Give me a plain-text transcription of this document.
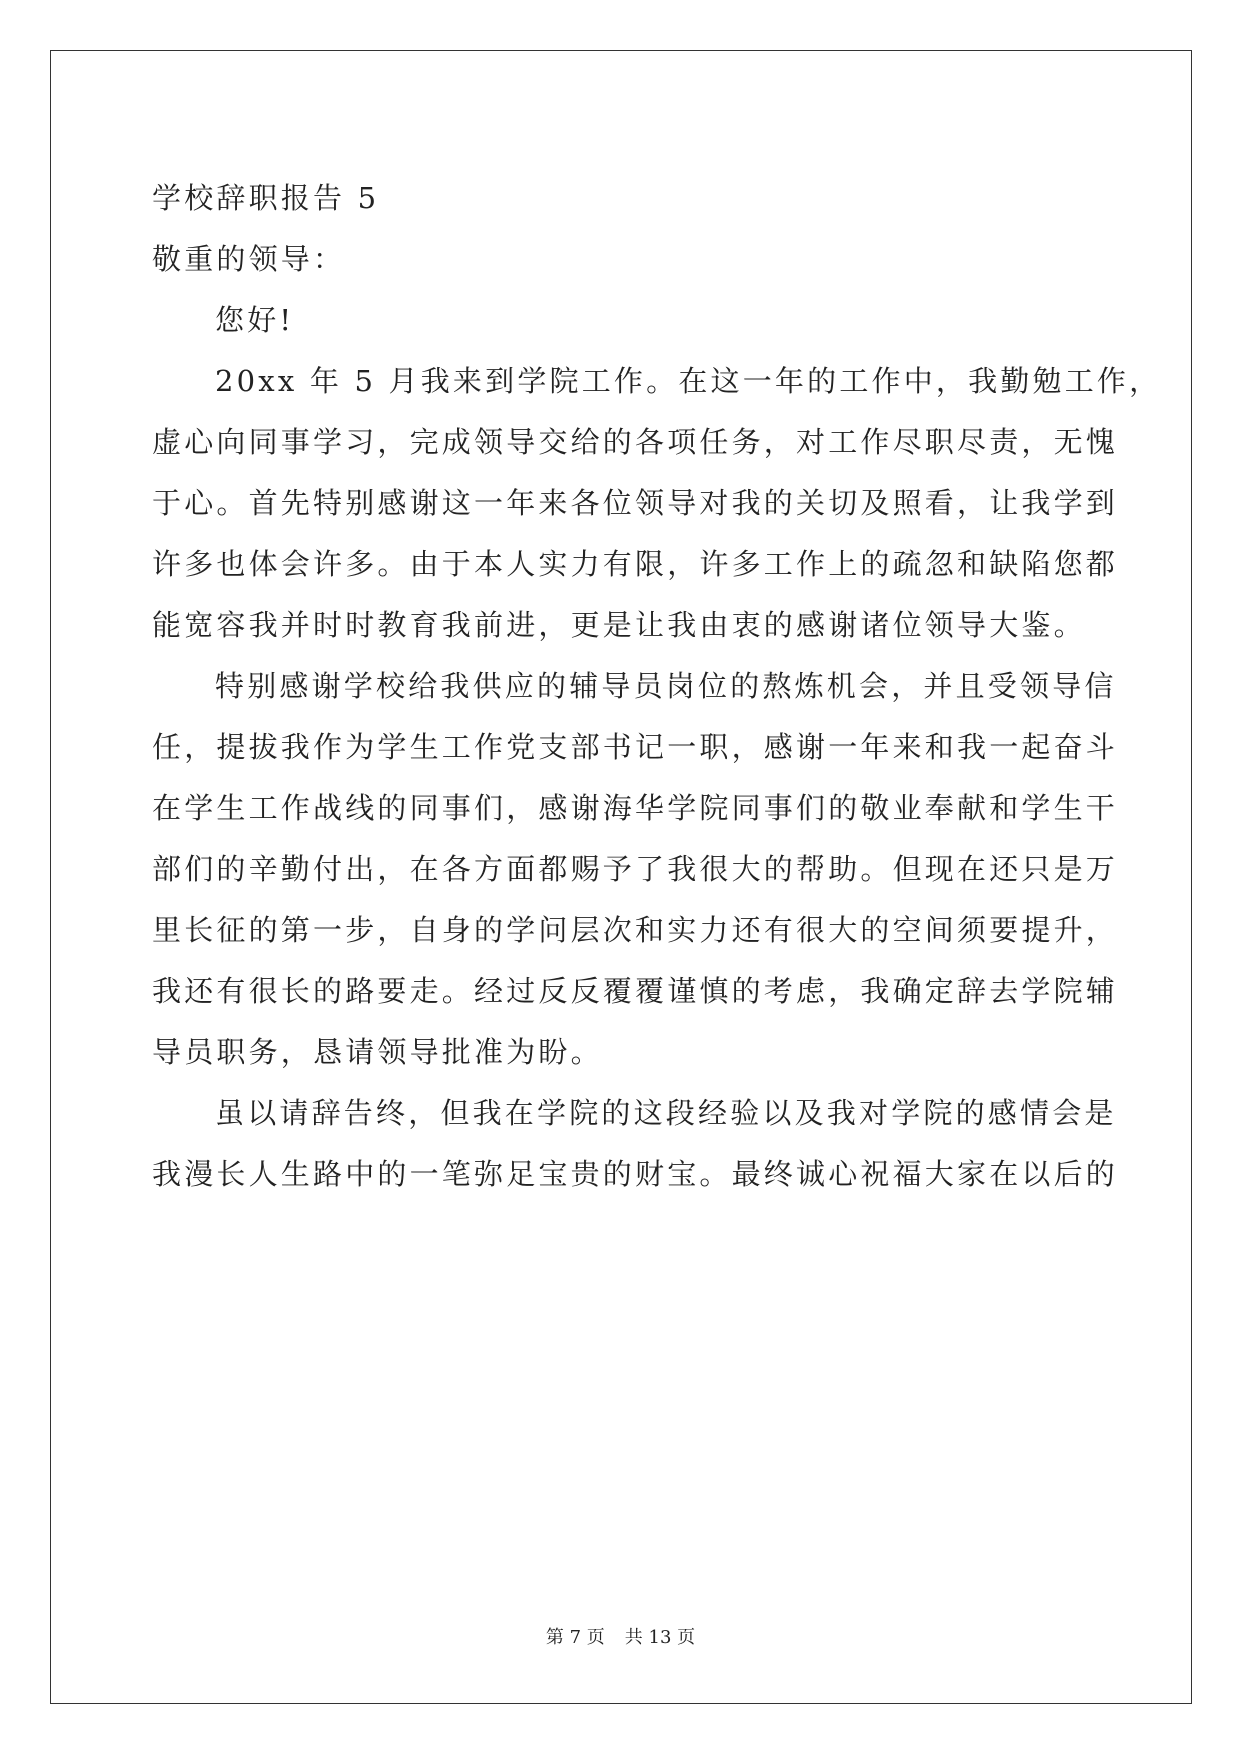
学校辞职报告 5
敬重的领导：
您好!
20xx 年 5 月我来到学院工作。在这一年的工作中，我勤勉工作，
虚心向同事学习，完成领导交给的各项任务，对工作尽职尽责，无愧
于心。首先特别感谢这一年来各位领导对我的关切及照看，让我学到
许多也体会许多。由于本人实力有限，许多工作上的疏忽和缺陷您都
能宽容我并时时教育我前进，更是让我由衷的感谢诸位领导大鉴。
特别感谢学校给我供应的辅导员岗位的熬炼机会，并且受领导信
任，提拔我作为学生工作党支部书记一职，感谢一年来和我一起奋斗
在学生工作战线的同事们，感谢海华学院同事们的敬业奉献和学生干
部们的辛勤付出，在各方面都赐予了我很大的帮助。但现在还只是万
里长征的第一步，自身的学问层次和实力还有很大的空间须要提升，
我还有很长的路要走。经过反反覆覆谨慎的考虑，我确定辞去学院辅
导员职务，恳请领导批准为盼。
虽以请辞告终，但我在学院的这段经验以及我对学院的感情会是
我漫长人生路中的一笔弥足宝贵的财宝。最终诚心祝福大家在以后的
第 7 页 共 13 页
